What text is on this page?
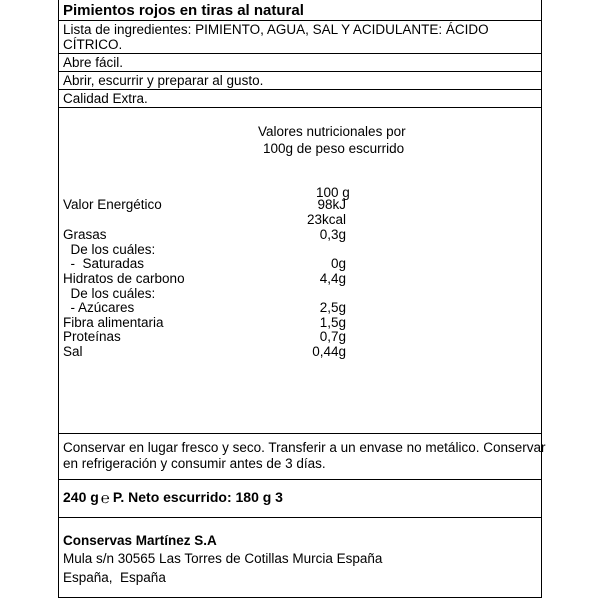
Pimientos rojos en tiras al natural
Lista de ingredientes: PIMIENTO, AGUA, SAL Y ACIDULANTE: ÁCIDO
CÍTRICO.
Abre fácil.
Abrir, escurrir y preparar al gusto.
Calidad Extra.
Valores nutricionales por
100g de peso escurrido
100 g
Valor Energético	98kJ
23kcal
Grasas	0,3g
De los cuáles:
-  Saturadas	0g
Hidratos de carbono	4,4g
De los cuáles:
- Azúcares	2,5g
Fibra alimentaria	1,5g
Proteínas	0,7g
Sal	0,44g
Conservar en lugar fresco y seco. Transferir a un envase no metálico. Conservar
en refrigeración y consumir antes de 3 días.
240 g ℮ P. Neto escurrido: 180 g 3
Conservas Martínez S.A
Mula s/n 30565 Las Torres de Cotillas Murcia España
España,  España
